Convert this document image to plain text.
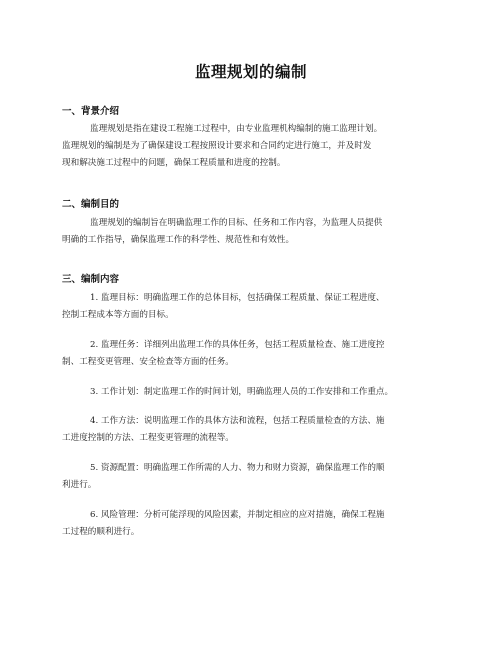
监理规划的编制
一、背景介绍

监理规划是指在建设工程施工过程中，由专业监理机构编制的施工监理计划。
监理规划的编制是为了确保建设工程按照设计要求和合同约定进行施工，并及时发
现和解决施工过程中的问题，确保工程质量和进度的控制。

二、编制目的

监理规划的编制旨在明确监理工作的目标、任务和工作内容，为监理人员提供
明确的工作指导，确保监理工作的科学性、规范性和有效性。

三、编制内容

1. 监理目标：明确监理工作的总体目标，包括确保工程质量、保证工程进度、
控制工程成本等方面的目标。

2. 监理任务：详细列出监理工作的具体任务，包括工程质量检查、施工进度控
制、工程变更管理、安全检查等方面的任务。

3. 工作计划：制定监理工作的时间计划，明确监理人员的工作安排和工作重点。

4. 工作方法：说明监理工作的具体方法和流程，包括工程质量检查的方法、施
工进度控制的方法、工程变更管理的流程等。

5. 资源配置：明确监理工作所需的人力、物力和财力资源，确保监理工作的顺
利进行。

6. 风险管理：分析可能浮现的风险因素，并制定相应的应对措施，确保工程施
工过程的顺利进行。
